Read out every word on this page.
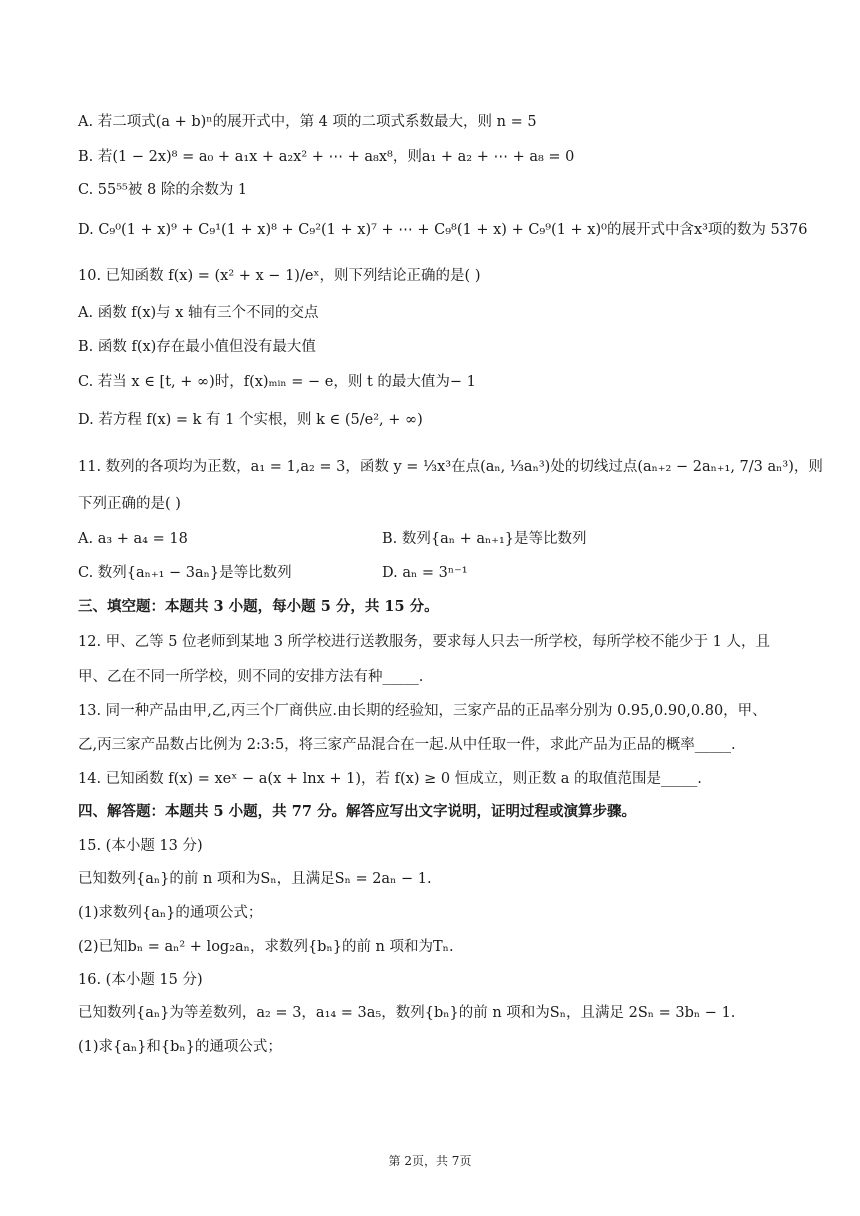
A. 若二项式(a + b)ⁿ的展开式中，第 4 项的二项式系数最大，则 n = 5
B. 若(1 − 2x)⁸ = a₀ + a₁x + a₂x² + ⋯ + a₈x⁸，则a₁ + a₂ + ⋯ + a₈ = 0
C. 55⁵⁵被 8 除的余数为 1
D. C₉⁰(1 + x)⁹ + C₉¹(1 + x)⁸ + C₉²(1 + x)⁷ + ⋯ + C₉⁸(1 + x) + C₉⁹(1 + x)⁰的展开式中含x³项的数为 5376
10. 已知函数 f(x) = (x² + x − 1)/eˣ，则下列结论正确的是( )
A. 函数 f(x)与 x 轴有三个不同的交点
B. 函数 f(x)存在最小值但没有最大值
C. 若当 x ∈ [t, + ∞)时，f(x)ₘᵢₙ = − e，则 t 的最大值为− 1
D. 若方程 f(x) = k 有 1 个实根，则 k ∈ (5/e², + ∞)
11. 数列的各项均为正数，a₁ = 1,a₂ = 3，函数 y = ⅓x³在点(aₙ, ⅓aₙ³)处的切线过点(aₙ₊₂ − 2aₙ₊₁, 7/3 aₙ³)，则
下列正确的是( )
A. a₃ + a₄ = 18	B. 数列{aₙ + aₙ₊₁}是等比数列
C. 数列{aₙ₊₁ − 3aₙ}是等比数列	D. aₙ = 3ⁿ⁻¹
三、填空题：本题共 3 小题，每小题 5 分，共 15 分。
12. 甲、乙等 5 位老师到某地 3 所学校进行送教服务，要求每人只去一所学校，每所学校不能少于 1 人，且
甲、乙在不同一所学校，则不同的安排方法有种_____.
13. 同一种产品由甲,乙,丙三个厂商供应.由长期的经验知，三家产品的正品率分别为 0.95,0.90,0.80，甲、
乙,丙三家产品数占比例为 2:3:5，将三家产品混合在一起.从中任取一件，求此产品为正品的概率_____.
14. 已知函数 f(x) = xeˣ − a(x + lnx + 1)，若 f(x) ≥ 0 恒成立，则正数 a 的取值范围是_____.
四、解答题：本题共 5 小题，共 77 分。解答应写出文字说明，证明过程或演算步骤。
15. (本小题 13 分)
已知数列{aₙ}的前 n 项和为Sₙ，且满足Sₙ = 2aₙ − 1.
(1)求数列{aₙ}的通项公式；
(2)已知bₙ = aₙ² + log₂aₙ，求数列{bₙ}的前 n 项和为Tₙ.
16. (本小题 15 分)
已知数列{aₙ}为等差数列，a₂ = 3，a₁₄ = 3a₅，数列{bₙ}的前 n 项和为Sₙ，且满足 2Sₙ = 3bₙ − 1.
(1)求{aₙ}和{bₙ}的通项公式；
第 2页，共 7页
